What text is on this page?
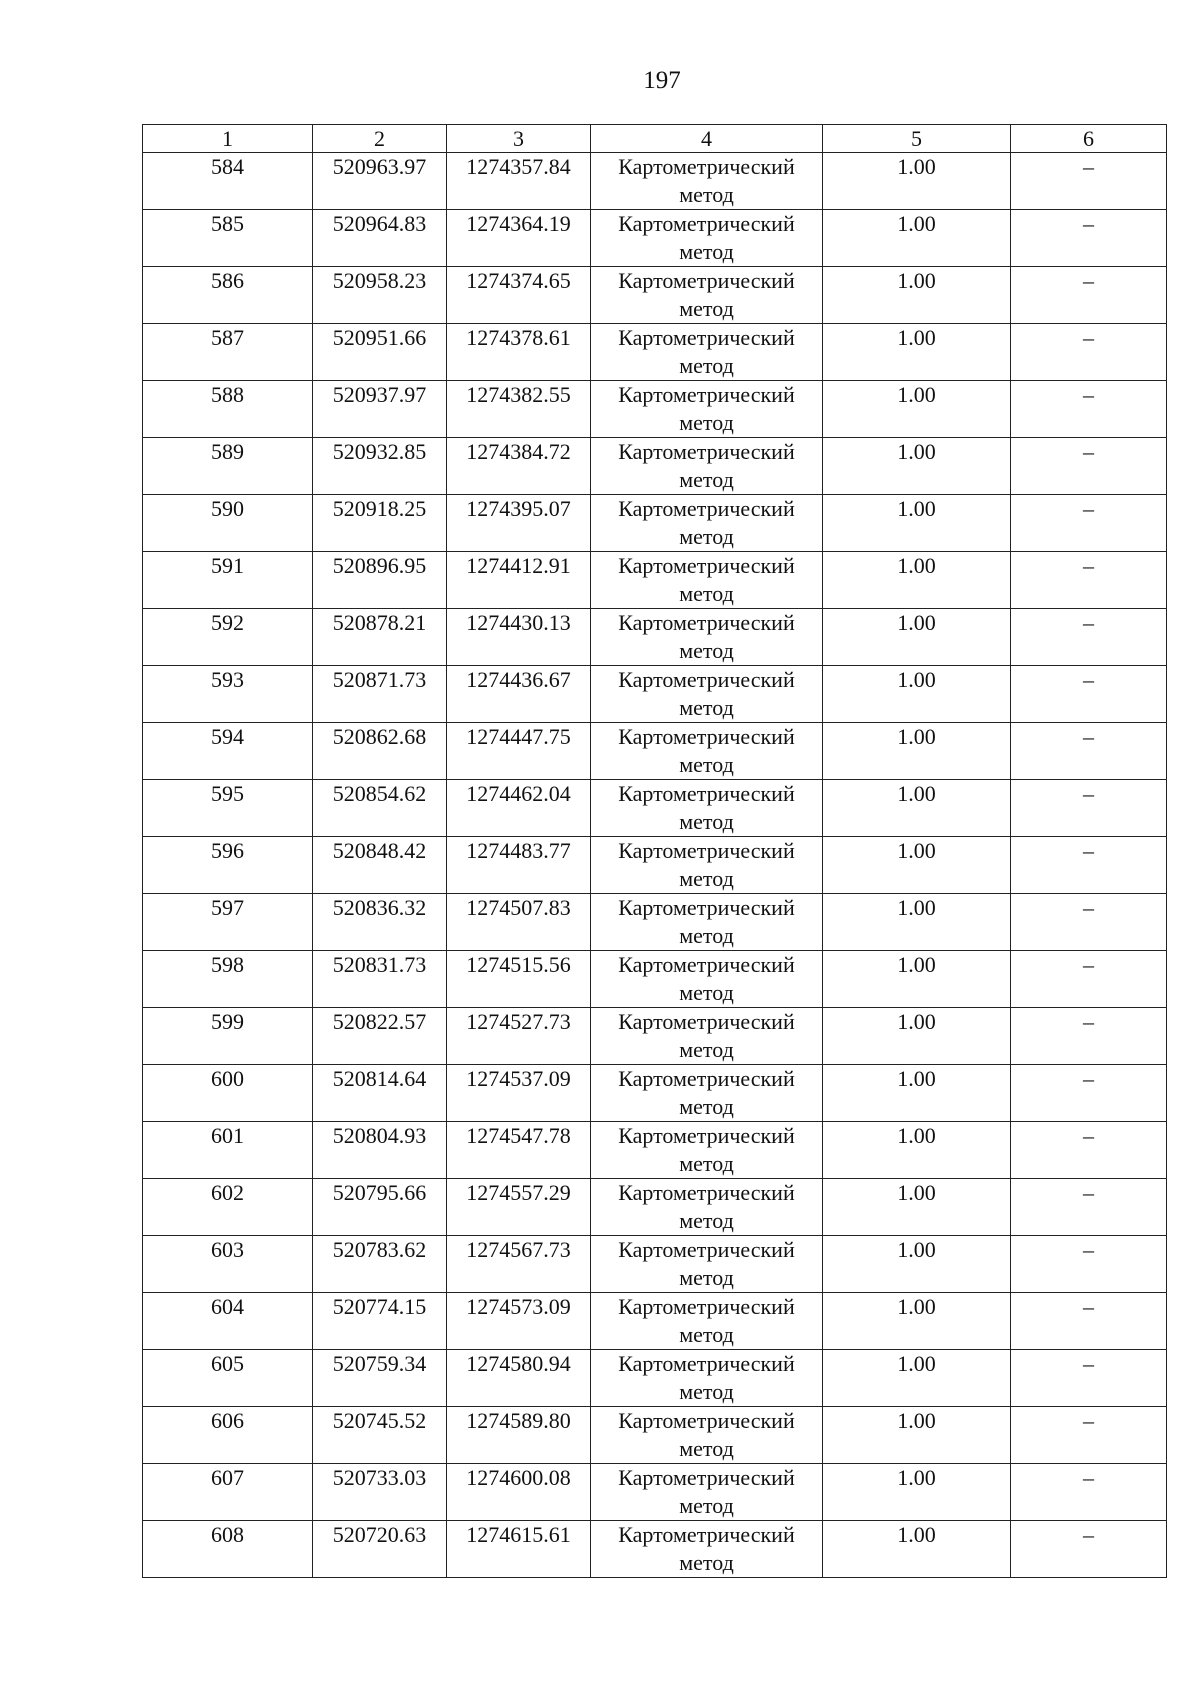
197
1	2	3	4	5	6
584	520963.97	1274357.84	Картометрический метод	1.00	–
585	520964.83	1274364.19	Картометрический метод	1.00	–
586	520958.23	1274374.65	Картометрический метод	1.00	–
587	520951.66	1274378.61	Картометрический метод	1.00	–
588	520937.97	1274382.55	Картометрический метод	1.00	–
589	520932.85	1274384.72	Картометрический метод	1.00	–
590	520918.25	1274395.07	Картометрический метод	1.00	–
591	520896.95	1274412.91	Картометрический метод	1.00	–
592	520878.21	1274430.13	Картометрический метод	1.00	–
593	520871.73	1274436.67	Картометрический метод	1.00	–
594	520862.68	1274447.75	Картометрический метод	1.00	–
595	520854.62	1274462.04	Картометрический метод	1.00	–
596	520848.42	1274483.77	Картометрический метод	1.00	–
597	520836.32	1274507.83	Картометрический метод	1.00	–
598	520831.73	1274515.56	Картометрический метод	1.00	–
599	520822.57	1274527.73	Картометрический метод	1.00	–
600	520814.64	1274537.09	Картометрический метод	1.00	–
601	520804.93	1274547.78	Картометрический метод	1.00	–
602	520795.66	1274557.29	Картометрический метод	1.00	–
603	520783.62	1274567.73	Картометрический метод	1.00	–
604	520774.15	1274573.09	Картометрический метод	1.00	–
605	520759.34	1274580.94	Картометрический метод	1.00	–
606	520745.52	1274589.80	Картометрический метод	1.00	–
607	520733.03	1274600.08	Картометрический метод	1.00	–
608	520720.63	1274615.61	Картометрический метод	1.00	–
